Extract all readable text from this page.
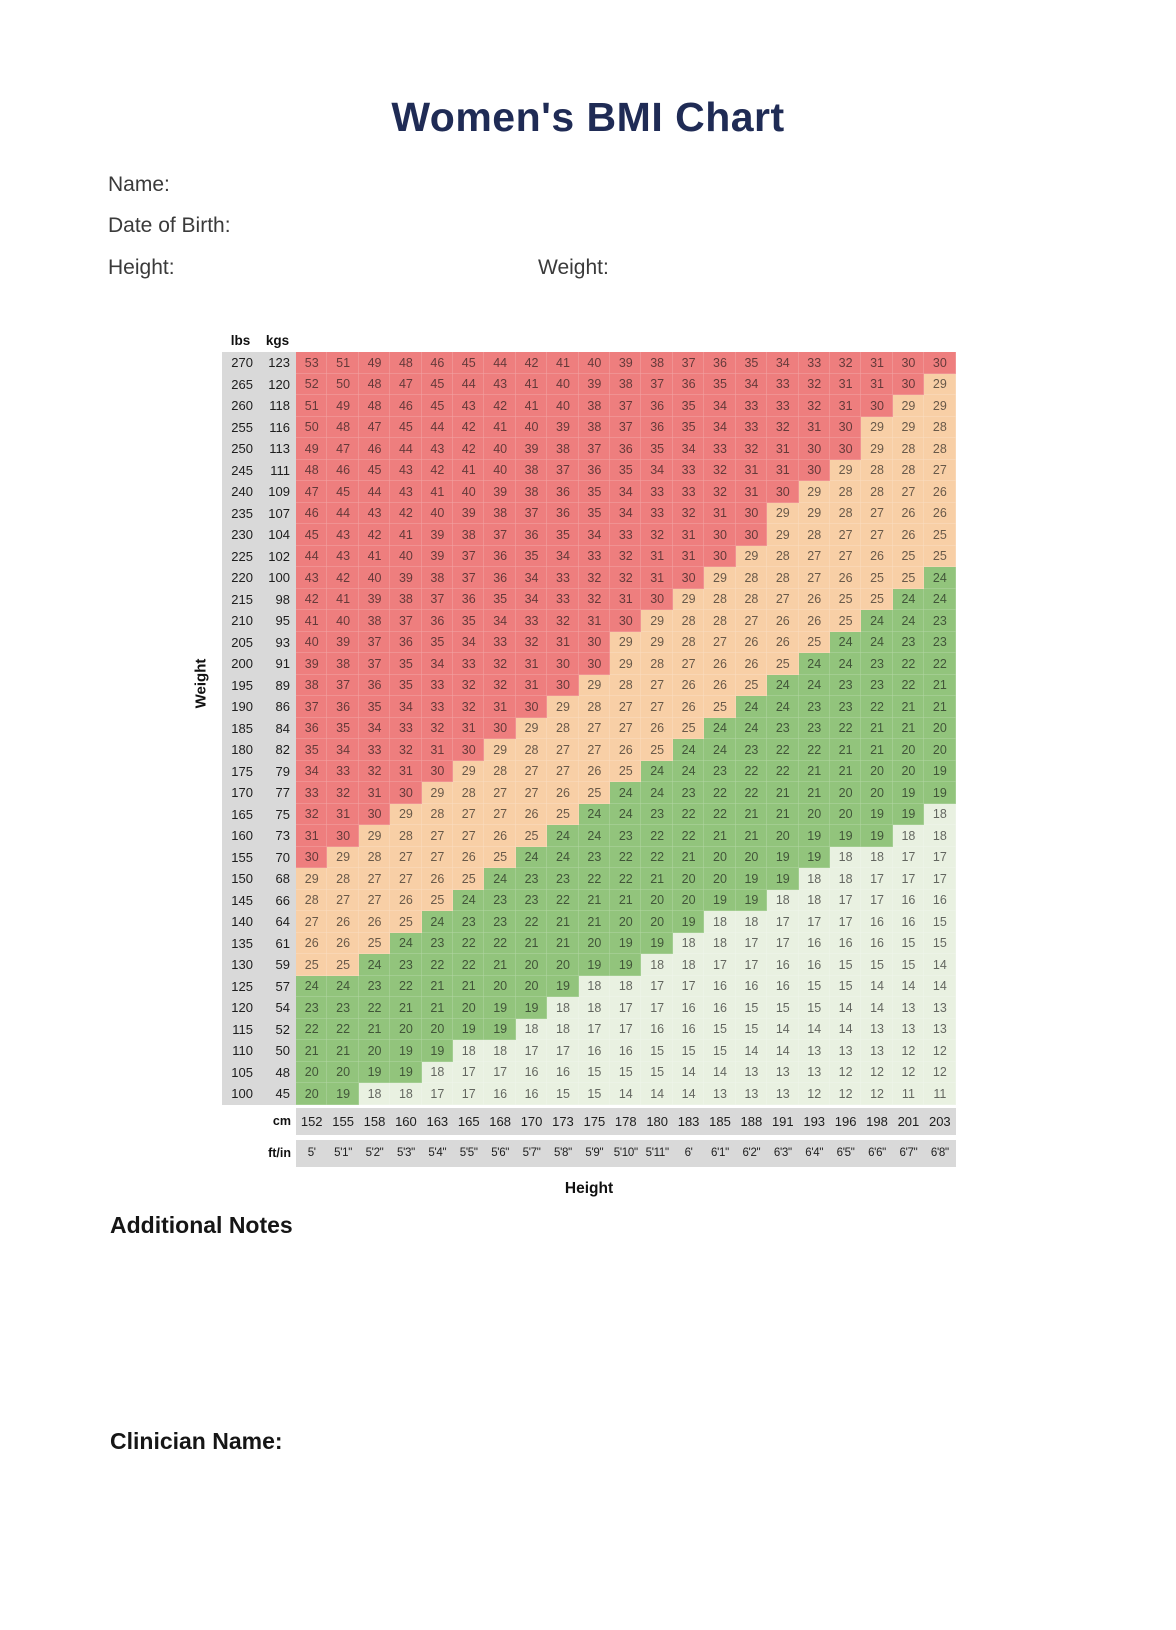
Women's BMI Chart
Name:
Date of Birth:
Height:	Weight:
Weight
lbs	kgs
270	123	53	51	49	48	46	45	44	42	41	40	39	38	37	36	35	34	33	32	31	30	30
265	120	52	50	48	47	45	44	43	41	40	39	38	37	36	35	34	33	32	31	31	30	29
260	118	51	49	48	46	45	43	42	41	40	38	37	36	35	34	33	33	32	31	30	29	29
255	116	50	48	47	45	44	42	41	40	39	38	37	36	35	34	33	32	31	30	29	29	28
250	113	49	47	46	44	43	42	40	39	38	37	36	35	34	33	32	31	30	30	29	28	28
245	111	48	46	45	43	42	41	40	38	37	36	35	34	33	32	31	31	30	29	28	28	27
240	109	47	45	44	43	41	40	39	38	36	35	34	33	33	32	31	30	29	28	28	27	26
235	107	46	44	43	42	40	39	38	37	36	35	34	33	32	31	30	29	29	28	27	26	26
230	104	45	43	42	41	39	38	37	36	35	34	33	32	31	30	30	29	28	27	27	26	25
225	102	44	43	41	40	39	37	36	35	34	33	32	31	31	30	29	28	27	27	26	25	25
220	100	43	42	40	39	38	37	36	34	33	32	32	31	30	29	28	28	27	26	25	25	24
215	98	42	41	39	38	37	36	35	34	33	32	31	30	29	28	28	27	26	25	25	24	24
210	95	41	40	38	37	36	35	34	33	32	31	30	29	28	28	27	26	26	25	24	24	23
205	93	40	39	37	36	35	34	33	32	31	30	29	29	28	27	26	26	25	24	24	23	23
200	91	39	38	37	35	34	33	32	31	30	30	29	28	27	26	26	25	24	24	23	22	22
195	89	38	37	36	35	33	32	32	31	30	29	28	27	26	26	25	24	24	23	23	22	21
190	86	37	36	35	34	33	32	31	30	29	28	27	27	26	25	24	24	23	23	22	21	21
185	84	36	35	34	33	32	31	30	29	28	27	27	26	25	24	24	23	23	22	21	21	20
180	82	35	34	33	32	31	30	29	28	27	27	26	25	24	24	23	22	22	21	21	20	20
175	79	34	33	32	31	30	29	28	27	27	26	25	24	24	23	22	22	21	21	20	20	19
170	77	33	32	31	30	29	28	27	27	26	25	24	24	23	22	22	21	21	20	20	19	19
165	75	32	31	30	29	28	27	27	26	25	24	24	23	22	22	21	21	20	20	19	19	18
160	73	31	30	29	28	27	27	26	25	24	24	23	22	22	21	21	20	19	19	19	18	18
155	70	30	29	28	27	27	26	25	24	24	23	22	22	21	20	20	19	19	18	18	17	17
150	68	29	28	27	27	26	25	24	23	23	22	22	21	20	20	19	19	18	18	17	17	17
145	66	28	27	27	26	25	24	23	23	22	21	21	20	20	19	19	18	18	17	17	16	16
140	64	27	26	26	25	24	23	23	22	21	21	20	20	19	18	18	17	17	17	16	16	15
135	61	26	26	25	24	23	22	22	21	21	20	19	19	18	18	17	17	16	16	16	15	15
130	59	25	25	24	23	22	22	21	20	20	19	19	18	18	17	17	16	16	15	15	15	14
125	57	24	24	23	22	21	21	20	20	19	18	18	17	17	16	16	16	15	15	14	14	14
120	54	23	23	22	21	21	20	19	19	18	18	17	17	16	16	15	15	15	14	14	13	13
115	52	22	22	21	20	20	19	19	18	18	17	17	16	16	15	15	14	14	14	13	13	13
110	50	21	21	20	19	19	18	18	17	17	16	16	15	15	15	14	14	13	13	13	12	12
105	48	20	20	19	19	18	17	17	16	16	15	15	15	14	14	13	13	13	12	12	12	12
100	45	20	19	18	18	17	17	16	16	15	15	14	14	14	13	13	13	12	12	12	11	11
cm 152 155 158 160 163 165 168 170 173 175 178 180 183 185 188 191 193 196 198 201 203
ft/in	5'	5'1"	5'2"	5'3"	5'4"	5'5"	5'6"	5'7"	5'8"	5'9" 5'10" 5'11"	6'	6'1"	6'2"	6'3"	6'4"	6'5"	6'6"	6'7"	6'8"
Height
Additional Notes
Clinician Name:
